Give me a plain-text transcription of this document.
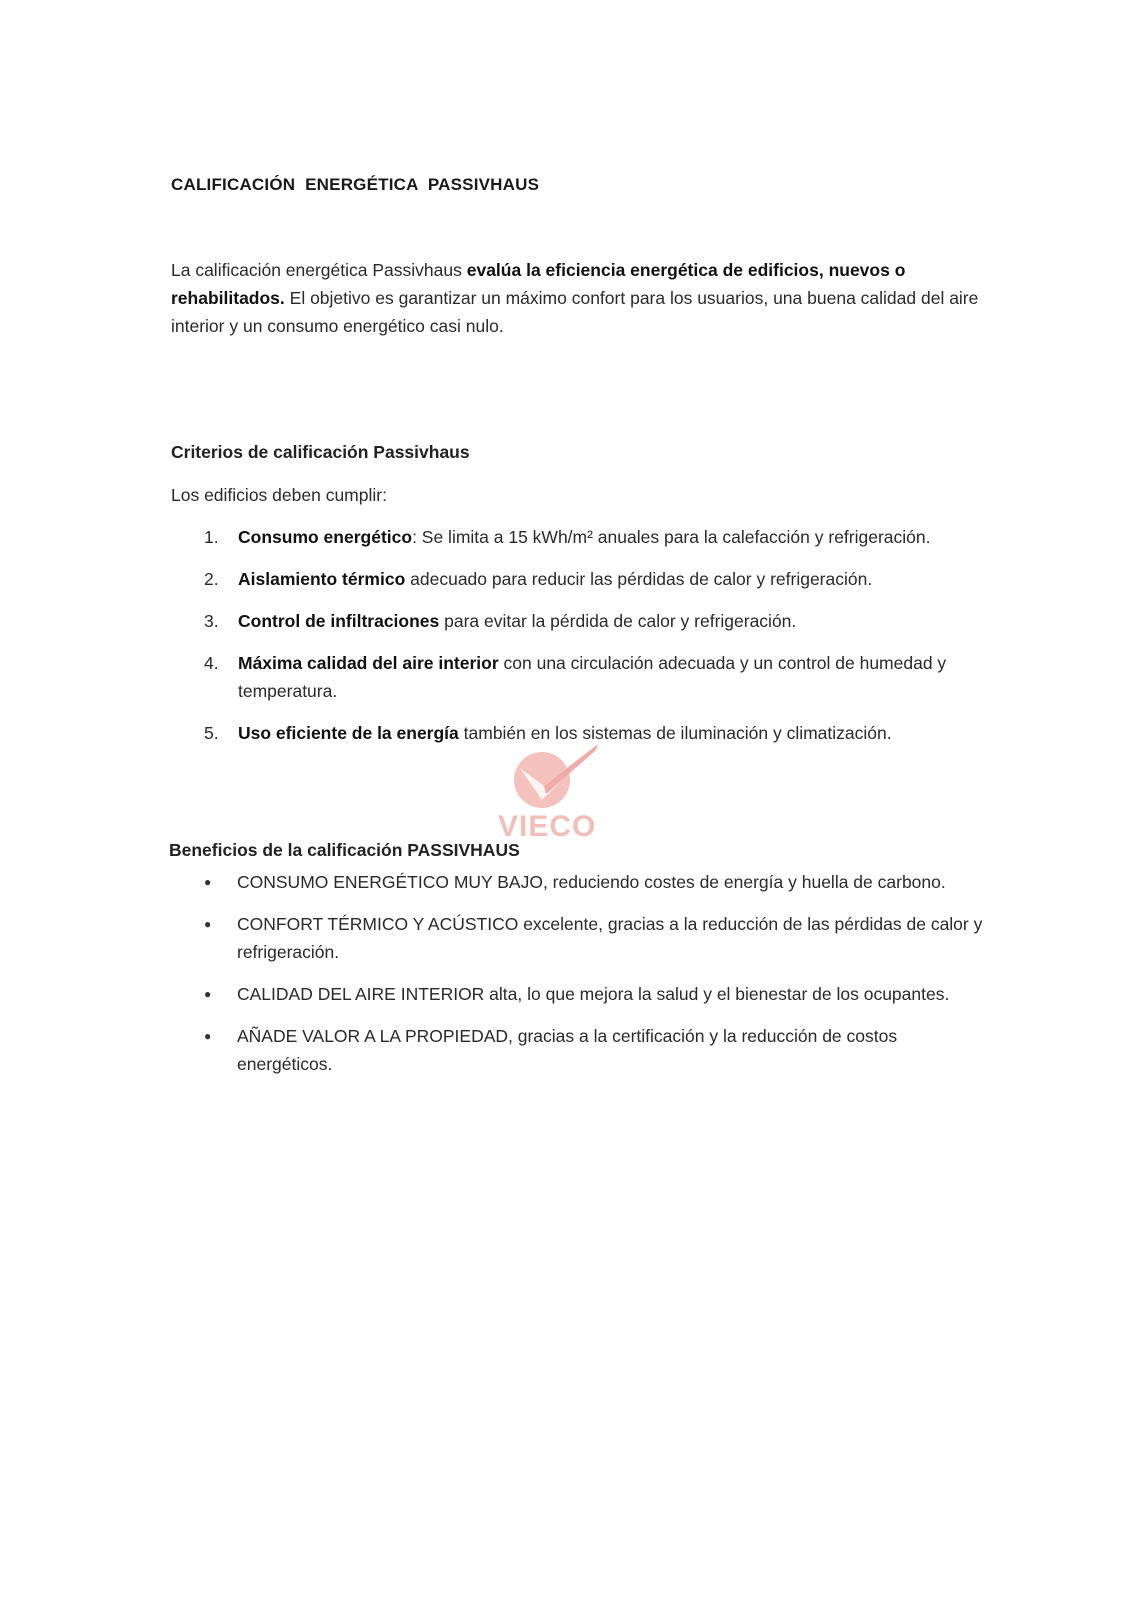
CALIFICACIÓN ENERGÉTICA PASSIVHAUS
La calificación energética Passivhaus evalúa la eficiencia energética de edificios, nuevos o rehabilitados. El objetivo es garantizar un máximo confort para los usuarios, una buena calidad del aire interior y un consumo energético casi nulo.
Criterios de calificación Passivhaus
Los edificios deben cumplir:
1. Consumo energético: Se limita a 15 kWh/m² anuales para la calefacción y refrigeración.
2. Aislamiento térmico adecuado para reducir las pérdidas de calor y refrigeración.
3. Control de infiltraciones para evitar la pérdida de calor y refrigeración.
4. Máxima calidad del aire interior con una circulación adecuada y un control de humedad y temperatura.
5. Uso eficiente de la energía también en los sistemas de iluminación y climatización.
VIECO
Beneficios de la calificación PASSIVHAUS
● CONSUMO ENERGÉTICO MUY BAJO, reduciendo costes de energía y huella de carbono.
● CONFORT TÉRMICO Y ACÚSTICO excelente, gracias a la reducción de las pérdidas de calor y refrigeración.
● CALIDAD DEL AIRE INTERIOR alta, lo que mejora la salud y el bienestar de los ocupantes.
● AÑADE VALOR A LA PROPIEDAD, gracias a la certificación y la reducción de costos energéticos.
